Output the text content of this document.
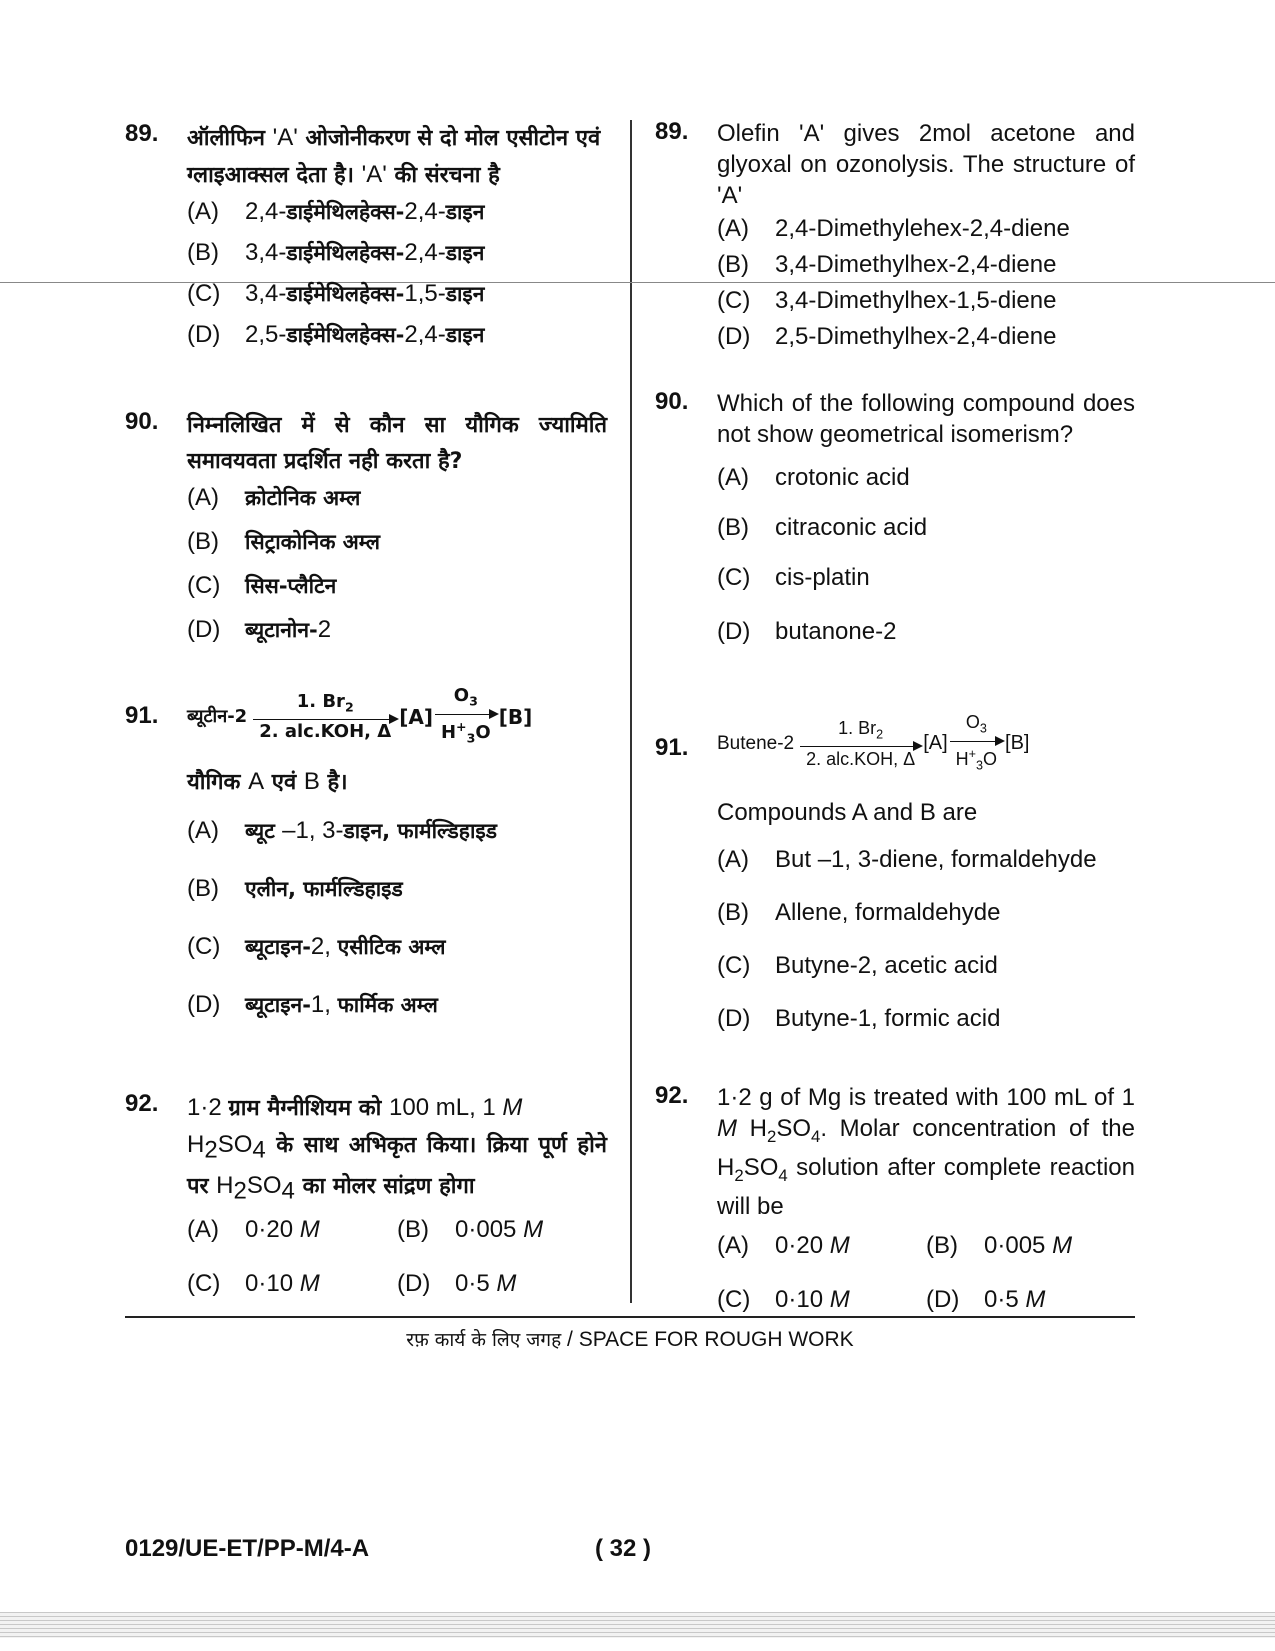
89. ऑलीफिन 'A' ओजोनीकरण से दो मोल एसीटोन एवं ग्लाइआक्सल देता है। 'A' की संरचना है
(A) 2,4-डाईमेथिलहेक्स-2,4-डाइन
(B) 3,4-डाईमेथिलहेक्स-2,4-डाइन
(C) 3,4-डाईमेथिलहेक्स-1,5-डाइन
(D) 2,5-डाईमेथिलहेक्स-2,4-डाइन
90. निम्नलिखित में से कौन सा यौगिक ज्यामिति समावयवता प्रदर्शित नही करता है?
(A) क्रोटोनिक अम्ल
(B) सिट्राकोनिक अम्ल
(C) सिस-प्लैटिन
(D) ब्यूटानोन-2
91. ब्यूटीन-2
1. $Br_2$
2. alc.KOH, Δ
[A]
$O_3$
$H^+_3O$
[B]
यौगिक A एवं B है।
(A) ब्यूट –1, 3-डाइन, फार्मल्डिहाइड
(B) एलीन, फार्मल्डिहाइड
(C) ब्यूटाइन-2, एसीटिक अम्ल
(D) ब्यूटाइन-1, फार्मिक अम्ल
92. 1·2 ग्राम मैग्नीशियम को 100 mL, 1 M
$H_2SO_4$ के साथ अभिकृत किया। क्रिया पूर्ण होने पर $H_2SO_4$ का मोलर सांद्रण होगा
(A) 0·20 M	(B) 0·005 M
(C) 0·10 M	(D) 0·5 M
89. Olefin 'A' gives 2mol acetone and glyoxal on ozonolysis. The structure of 'A'
(A) 2,4-Dimethylehex-2,4-diene
(B) 3,4-Dimethylhex-2,4-diene
(C) 3,4-Dimethylhex-1,5-diene
(D) 2,5-Dimethylhex-2,4-diene
90. Which of the following compound does not show geometrical isomerism?
(A) crotonic acid
(B) citraconic acid
(C) cis-platin
(D) butanone-2
91. Butene-2
1. $Br_2$
2. alc.KOH, Δ
[A]
$O_3$
$H^+_3O$
[B]
Compounds A and B are
(A) But –1, 3-diene, formaldehyde
(B) Allene, formaldehyde
(C) Butyne-2, acetic acid
(D) Butyne-1, formic acid
92. 1·2 g of Mg is treated with 100 mL of 1 M $H_2SO_4$. Molar concentration of the $H_2SO_4$ solution after complete reaction will be
(A) 0·20 M	(B) 0·005 M
(C) 0·10 M	(D) 0·5 M
रफ़ कार्य के लिए जगह / SPACE FOR ROUGH WORK
0129/UE-ET/PP-M/4-A	( 32 )
